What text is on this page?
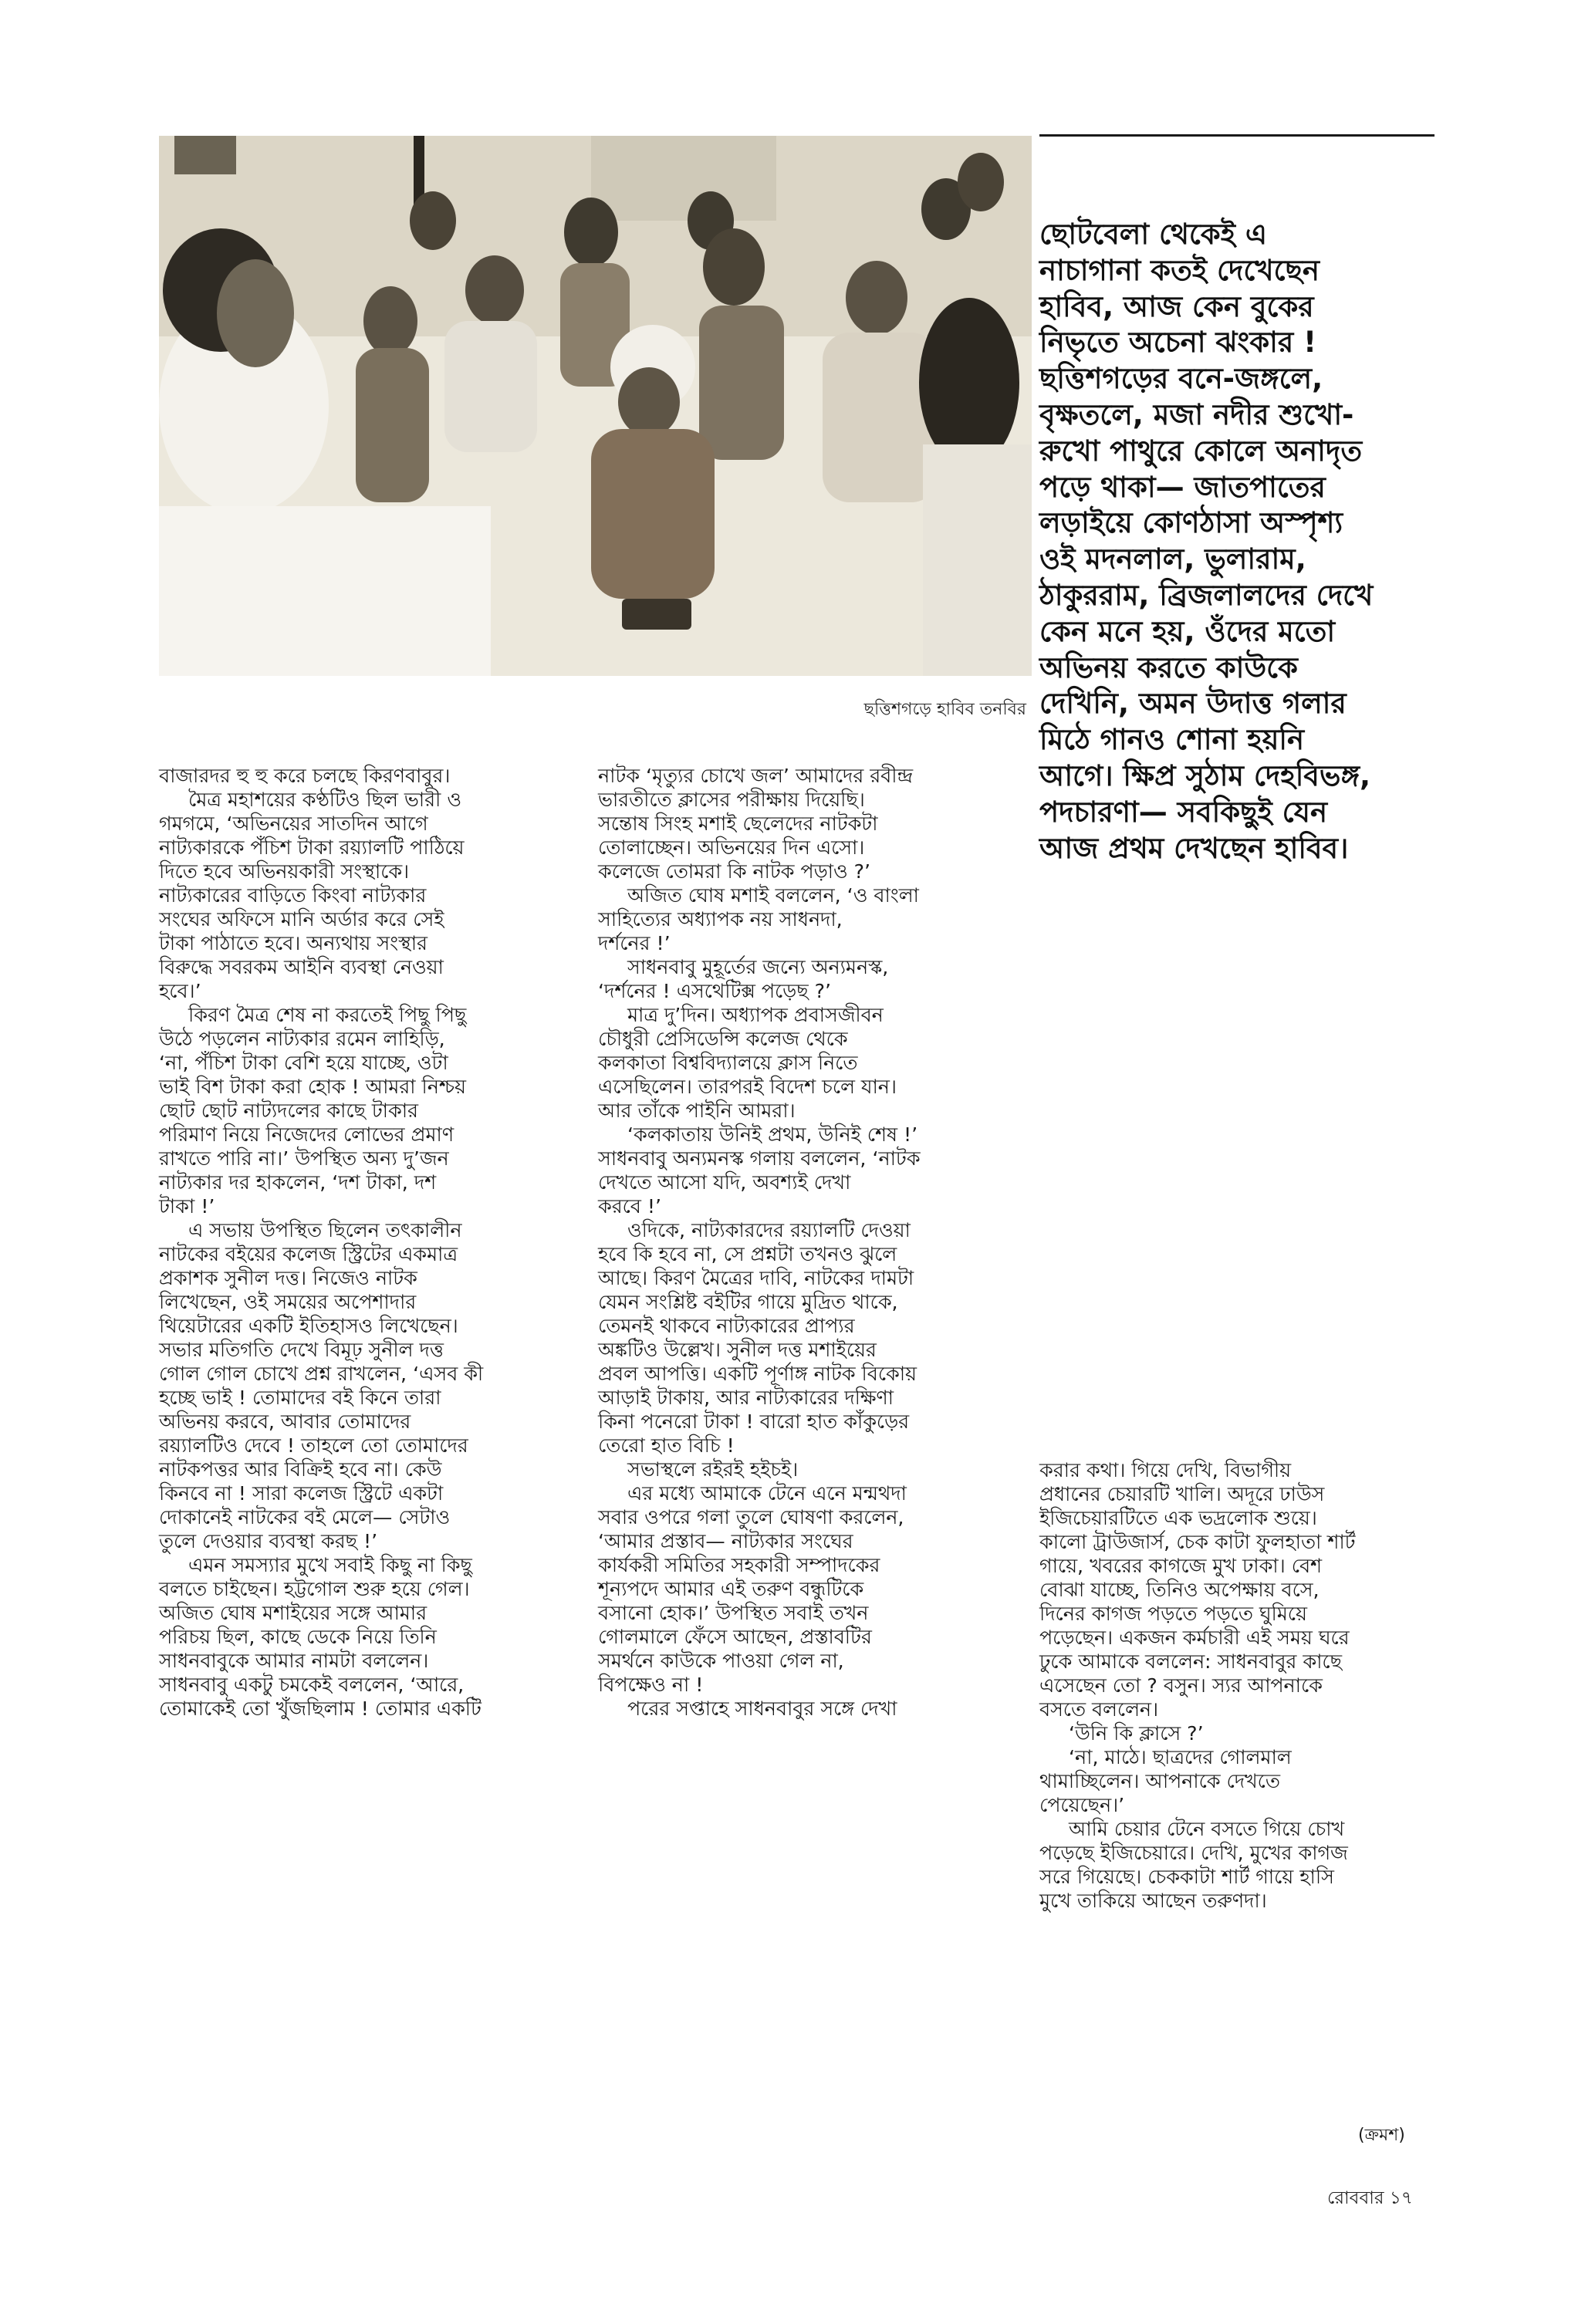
ছত্তিশগড়ে হাবিব তনবির
ছোটবেলা থেকেই এ
নাচাগানা কতই দেখেছেন
হাবিব, আজ কেন বুকের
নিভৃতে অচেনা ঝংকার !
ছত্তিশগড়ের বনে-জঙ্গলে,
বৃক্ষতলে, মজা নদীর শুখো-
রুখো পাথুরে কোলে অনাদৃত
পড়ে থাকা— জাতপাতের
লড়াইয়ে কোণঠাসা অস্পৃশ্য
ওই মদনলাল, ভুলারাম,
ঠাকুররাম, ব্রিজলালদের দেখে
কেন মনে হয়, ওঁদের মতো
অভিনয় করতে কাউকে
দেখিনি, অমন উদাত্ত গলার
মিঠে গানও শোনা হয়নি
আগে। ক্ষিপ্র সুঠাম দেহবিভঙ্গ,
পদচারণা— সবকিছুই যেন
আজ প্রথম দেখছেন হাবিব।
বাজারদর হু হু করে চলছে কিরণবাবুর।
মৈত্র মহাশয়ের কণ্ঠটিও ছিল ভারী ও
গমগমে, ‘অভিনয়ের সাতদিন আগে
নাট্যকারকে পঁচিশ টাকা রয়্যালটি পাঠিয়ে
দিতে হবে অভিনয়কারী সংস্থাকে।
নাট্যকারের বাড়িতে কিংবা নাট্যকার
সংঘের অফিসে মানি অর্ডার করে সেই
টাকা পাঠাতে হবে। অন্যথায় সংস্থার
বিরুদ্ধে সবরকম আইনি ব্যবস্থা নেওয়া
হবে।’
কিরণ মৈত্র শেষ না করতেই পিছু পিছু
উঠে পড়লেন নাট্যকার রমেন লাহিড়ি,
‘না, পঁচিশ টাকা বেশি হয়ে যাচ্ছে, ওটা
ভাই বিশ টাকা করা হোক ! আমরা নিশ্চয়
ছোট ছোট নাট্যদলের কাছে টাকার
পরিমাণ নিয়ে নিজেদের লোভের প্রমাণ
রাখতে পারি না।’ উপস্থিত অন্য দু’জন
নাট্যকার দর হাকলেন, ‘দশ টাকা, দশ
টাকা !’
এ সভায় উপস্থিত ছিলেন তৎকালীন
নাটকের বইয়ের কলেজ স্ট্রিটের একমাত্র
প্রকাশক সুনীল দত্ত। নিজেও নাটক
লিখেছেন, ওই সময়ের অপেশাদার
থিয়েটারের একটি ইতিহাসও লিখেছেন।
সভার মতিগতি দেখে বিমূঢ় সুনীল দত্ত
গোল গোল চোখে প্রশ্ন রাখলেন, ‘এসব কী
হচ্ছে ভাই ! তোমাদের বই কিনে তারা
অভিনয় করবে, আবার তোমাদের
রয়্যালটিও দেবে ! তাহলে তো তোমাদের
নাটকপত্তর আর বিক্রিই হবে না। কেউ
কিনবে না ! সারা কলেজ স্ট্রিটে একটা
দোকানেই নাটকের বই মেলে— সেটাও
তুলে দেওয়ার ব্যবস্থা করছ !’
এমন সমস্যার মুখে সবাই কিছু না কিছু
বলতে চাইছেন। হট্টগোল শুরু হয়ে গেল।
অজিত ঘোষ মশাইয়ের সঙ্গে আমার
পরিচয় ছিল, কাছে ডেকে নিয়ে তিনি
সাধনবাবুকে আমার নামটা বললেন।
সাধনবাবু একটু চমকেই বললেন, ‘আরে,
তোমাকেই তো খুঁজছিলাম ! তোমার একটি
নাটক ‘মৃত্যুর চোখে জল’ আমাদের রবীন্দ্র
ভারতীতে ক্লাসের পরীক্ষায় দিয়েছি।
সন্তোষ সিংহ মশাই ছেলেদের নাটকটা
তোলাচ্ছেন। অভিনয়ের দিন এসো।
কলেজে তোমরা কি নাটক পড়াও ?’
অজিত ঘোষ মশাই বললেন, ‘ও বাংলা
সাহিত্যের অধ্যাপক নয় সাধনদা,
দর্শনের !’
সাধনবাবু মুহূর্তের জন্যে অন্যমনস্ক,
‘দর্শনের ! এসথেটিক্স পড়েছ ?’
মাত্র দু’দিন। অধ্যাপক প্রবাসজীবন
চৌধুরী প্রেসিডেন্সি কলেজ থেকে
কলকাতা বিশ্ববিদ্যালয়ে ক্লাস নিতে
এসেছিলেন। তারপরই বিদেশ চলে যান।
আর তাঁকে পাইনি আমরা।
‘কলকাতায় উনিই প্রথম, উনিই শেষ !’
সাধনবাবু অন্যমনস্ক গলায় বললেন, ‘নাটক
দেখতে আসো যদি, অবশ্যই দেখা
করবে !’
ওদিকে, নাট্যকারদের রয়্যালটি দেওয়া
হবে কি হবে না, সে প্রশ্নটা তখনও ঝুলে
আছে। কিরণ মৈত্রের দাবি, নাটকের দামটা
যেমন সংশ্লিষ্ট বইটির গায়ে মুদ্রিত থাকে,
তেমনই থাকবে নাট্যকারের প্রাপ্যর
অঙ্কটিও উল্লেখ। সুনীল দত্ত মশাইয়ের
প্রবল আপত্তি। একটি পূর্ণাঙ্গ নাটক বিকোয়
আড়াই টাকায়, আর নাট্যকারের দক্ষিণা
কিনা পনেরো টাকা ! বারো হাত কাঁকুড়ের
তেরো হাত বিচি !
সভাস্থলে রইরই হইচই।
এর মধ্যে আমাকে টেনে এনে মন্মথদা
সবার ওপরে গলা তুলে ঘোষণা করলেন,
‘আমার প্রস্তাব— নাট্যকার সংঘের
কার্যকরী সমিতির সহকারী সম্পাদকের
শূন্যপদে আমার এই তরুণ বন্ধুটিকে
বসানো হোক।’ উপস্থিত সবাই তখন
গোলমালে ফেঁসে আছেন, প্রস্তাবটির
সমর্থনে কাউকে পাওয়া গেল না,
বিপক্ষেও না !
পরের সপ্তাহে সাধনবাবুর সঙ্গে দেখা
করার কথা। গিয়ে দেখি, বিভাগীয়
প্রধানের চেয়ারটি খালি। অদূরে ঢাউস
ইজিচেয়ারটিতে এক ভদ্রলোক শুয়ে।
কালো ট্রাউজার্স, চেক কাটা ফুলহাতা শার্ট
গায়ে, খবরের কাগজে মুখ ঢাকা। বেশ
বোঝা যাচ্ছে, তিনিও অপেক্ষায় বসে,
দিনের কাগজ পড়তে পড়তে ঘুমিয়ে
পড়েছেন। একজন কর্মচারী এই সময় ঘরে
ঢুকে আমাকে বললেন: সাধনবাবুর কাছে
এসেছেন তো ? বসুন। স্যর আপনাকে
বসতে বললেন।
‘উনি কি ক্লাসে ?’
‘না, মাঠে। ছাত্রদের গোলমাল
থামাচ্ছিলেন। আপনাকে দেখতে
পেয়েছেন।’
আমি চেয়ার টেনে বসতে গিয়ে চোখ
পড়েছে ইজিচেয়ারে। দেখি, মুখের কাগজ
সরে গিয়েছে। চেককাটা শার্ট গায়ে হাসি
মুখে তাকিয়ে আছেন তরুণদা।
(ক্রমশ)
রোববার ১৭
